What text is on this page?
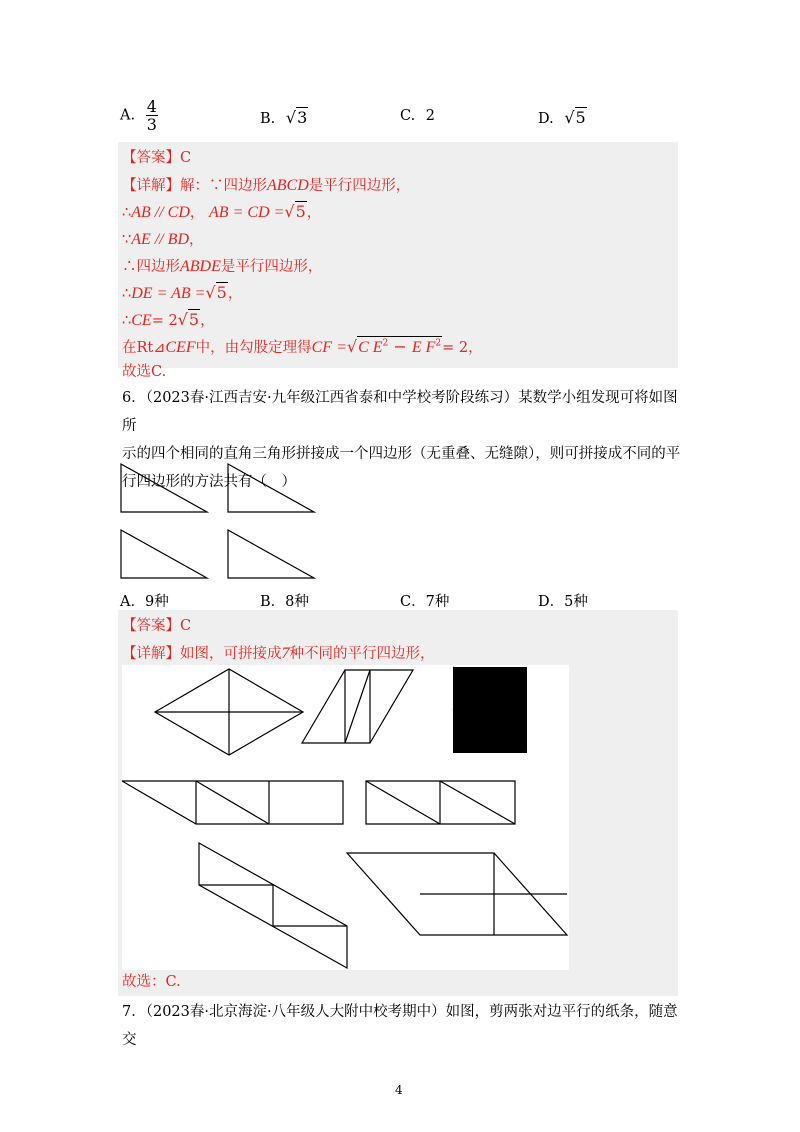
A. $\frac{4}{3}$	B. √3	C. 2	D. √5
【答案】C
【详解】解：∵四边形ABCD是平行四边形，
∴AB // CD， AB = CD =√5，
∵AE // BD，
∴四边形ABDE是平行四边形，
∴DE = AB =√5，
∴CE= 2√5，
在Rt⊿CEF中，由勾股定理得CF =√C $E^2 - E$ $F^2= 2$，
故选C.
6．（2023春·江西吉安·九年级江西省泰和中学校考阶段练习）某数学小组发现可将如图所
示的四个相同的直角三角形拼接成一个四边形（无重叠、无缝隙），则可拼接成不同的平
行四边形的方法共有（　）
A．9种	B．8种	C．7种	D．5种
【答案】C
【详解】如图，可拼接成7种不同的平行四边形，
故选：C.
7．（2023春·北京海淀·八年级人大附中校考期中）如图，剪两张对边平行的纸条，随意交
4
